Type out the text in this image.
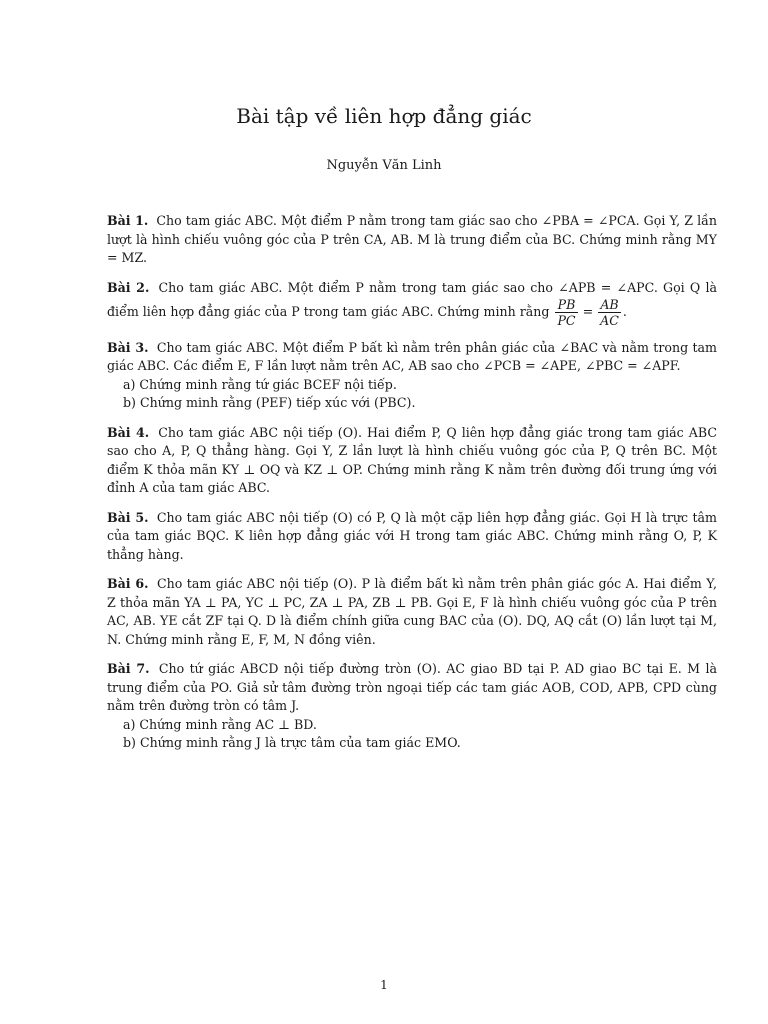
Bài tập về liên hợp đẳng giác
Nguyễn Văn Linh

Bài 1. Cho tam giác ABC. Một điểm P nằm trong tam giác sao cho ∠PBA = ∠PCA. Gọi Y, Z lần lượt là hình chiếu vuông góc của P trên CA, AB. M là trung điểm của BC. Chứng minh rằng MY = MZ.

Bài 2. Cho tam giác ABC. Một điểm P nằm trong tam giác sao cho ∠APB = ∠APC. Gọi Q là điểm liên hợp đẳng giác của P trong tam giác ABC. Chứng minh rằng $\frac{PB}{PC} = \frac{AB}{AC}$ .

Bài 3. Cho tam giác ABC. Một điểm P bất kì nằm trên phân giác của ∠BAC và nằm trong tam giác ABC. Các điểm E, F lần lượt nằm trên AC, AB sao cho ∠PCB = ∠APE, ∠PBC = ∠APF.

a) Chứng minh rằng tứ giác BCEF nội tiếp.

b) Chứng minh rằng (PEF) tiếp xúc với (PBC).

Bài 4. Cho tam giác ABC nội tiếp (O). Hai điểm P, Q liên hợp đẳng giác trong tam giác ABC sao cho A, P, Q thẳng hàng. Gọi Y, Z lần lượt là hình chiếu vuông góc của P, Q trên BC. Một điểm K thỏa mãn KY ⊥ OQ và KZ ⊥ OP. Chứng minh rằng K nằm trên đường đối trung ứng với đỉnh A của tam giác ABC.

Bài 5. Cho tam giác ABC nội tiếp (O) có P, Q là một cặp liên hợp đẳng giác. Gọi H là trực tâm của tam giác BQC. K liên hợp đẳng giác với H trong tam giác ABC. Chứng minh rằng O, P, K thẳng hàng.

Bài 6. Cho tam giác ABC nội tiếp (O). P là điểm bất kì nằm trên phân giác góc A. Hai điểm Y, Z thỏa mãn YA ⊥ PA, YC ⊥ PC, ZA ⊥ PA, ZB ⊥ PB. Gọi E, F là hình chiếu vuông góc của P trên AC, AB. YE cắt ZF tại Q. D là điểm chính giữa cung BAC của (O). DQ, AQ cắt (O) lần lượt tại M, N. Chứng minh rằng E, F, M, N đồng viên.

Bài 7. Cho tứ giác ABCD nội tiếp đường tròn (O). AC giao BD tại P. AD giao BC tại E. M là trung điểm của PO. Giả sử tâm đường tròn ngoại tiếp các tam giác AOB, COD, APB, CPD cùng nằm trên đường tròn có tâm J.

a) Chứng minh rằng AC ⊥ BD.

b) Chứng minh rằng J là trực tâm của tam giác EMO.

1
